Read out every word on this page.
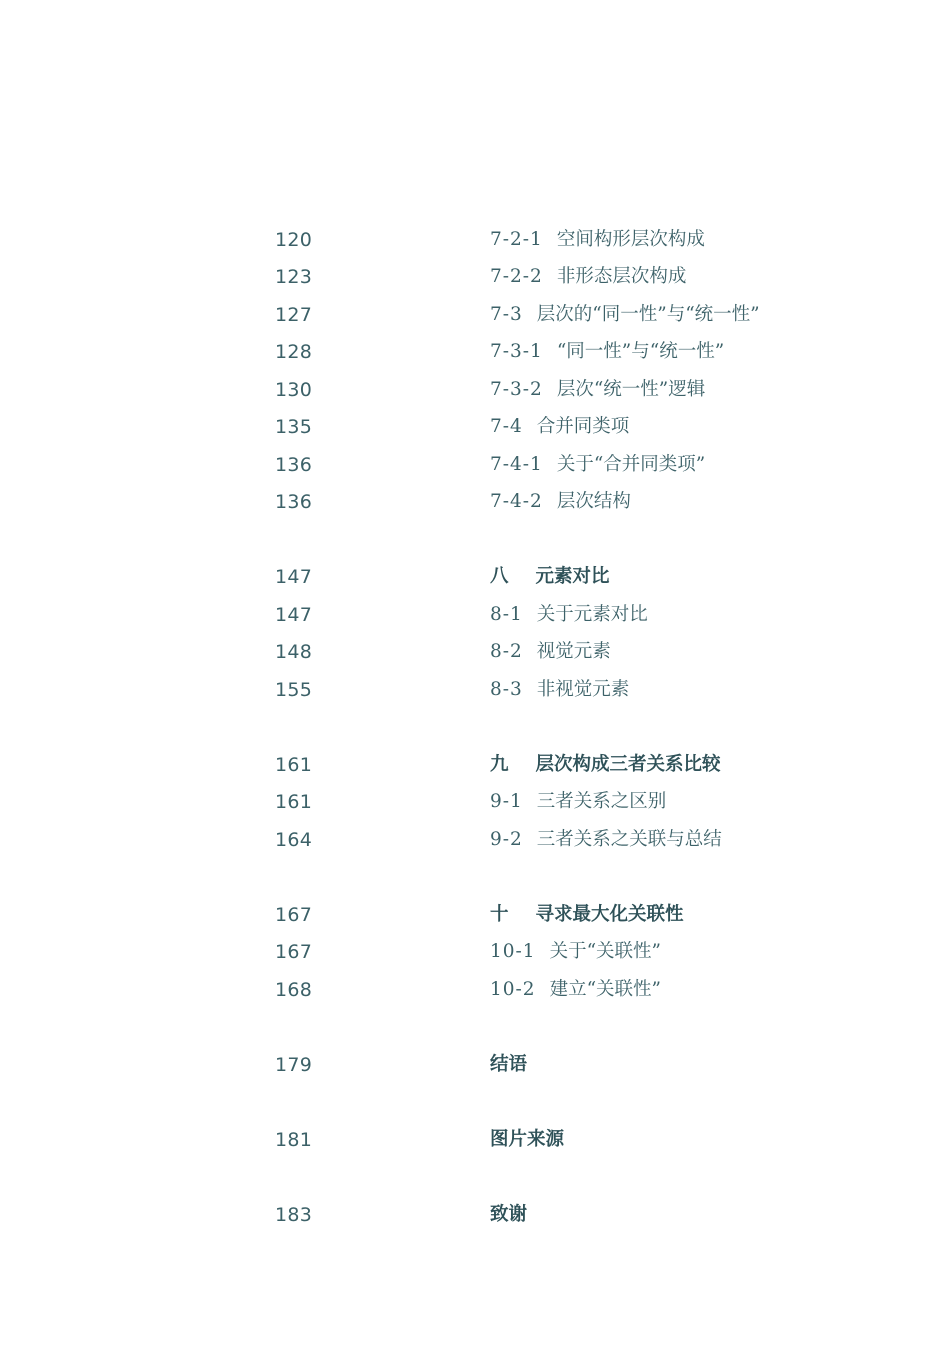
120	7-2-1 空间构形层次构成
123	7-2-2 非形态层次构成
127	7-3 层次的“同一性”与“统一性”
128	7-3-1 “同一性”与“统一性”
130	7-3-2 层次“统一性”逻辑
135	7-4 合并同类项
136	7-4-1 关于“合并同类项”
136	7-4-2 层次结构
147	八 元素对比
147	8-1 关于元素对比
148	8-2 视觉元素
155	8-3 非视觉元素
161	九 层次构成三者关系比较
161	9-1 三者关系之区别
164	9-2 三者关系之关联与总结
167	十 寻求最大化关联性
167	10-1 关于“关联性”
168	10-2 建立“关联性”
179	结语
181	图片来源
183	致谢
